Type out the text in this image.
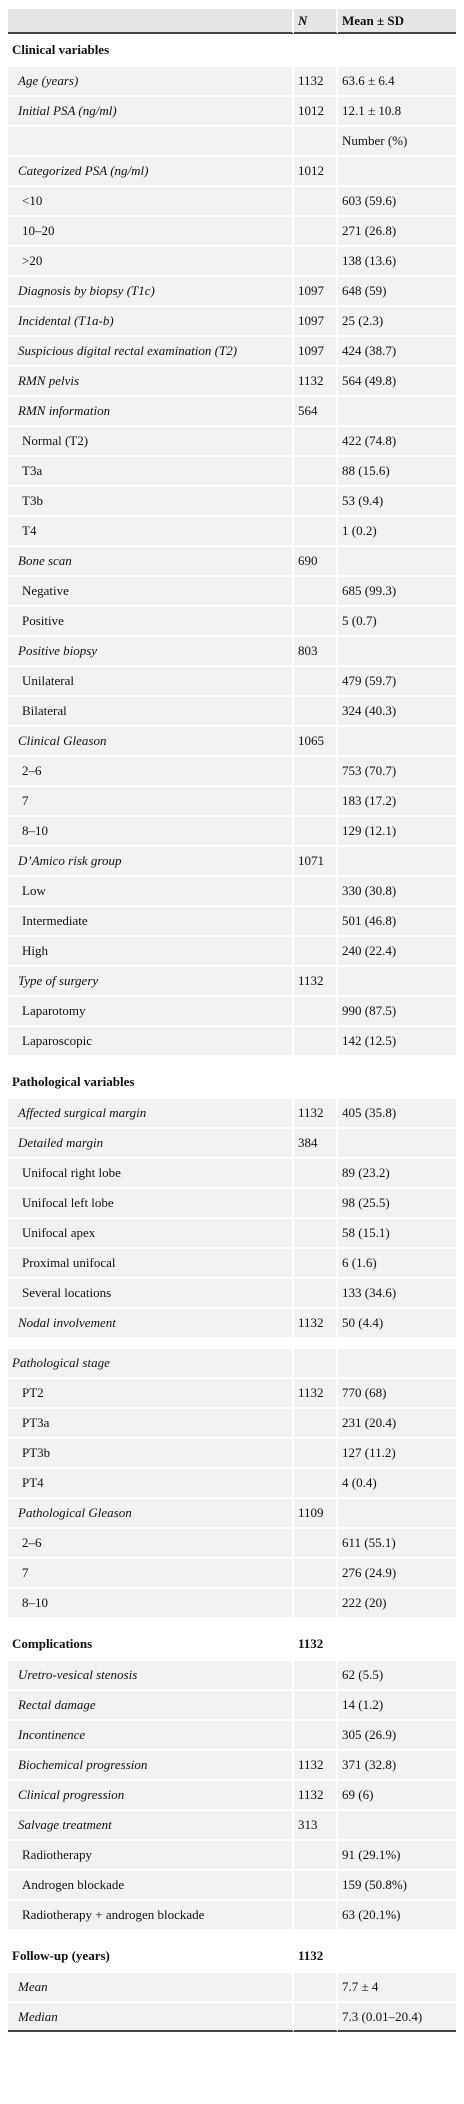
	N	Mean ± SD
Clinical variables		
Age (years)	1132	63.6 ± 6.4
Initial PSA (ng/ml)	1012	12.1 ± 10.8
		Number (%)
Categorized PSA (ng/ml)	1012	
<10		603 (59.6)
10–20		271 (26.8)
>20		138 (13.6)
Diagnosis by biopsy (T1c)	1097	648 (59)
Incidental (T1a-b)	1097	25 (2.3)
Suspicious digital rectal examination (T2)	1097	424 (38.7)
RMN pelvis	1132	564 (49.8)
RMN information	564	
Normal (T2)		422 (74.8)
T3a		88 (15.6)
T3b		53 (9.4)
T4		1 (0.2)
Bone scan	690	
Negative		685 (99.3)
Positive		5 (0.7)
Positive biopsy	803	
Unilateral		479 (59.7)
Bilateral		324 (40.3)
Clinical Gleason	1065	
2–6		753 (70.7)
7		183 (17.2)
8–10		129 (12.1)
D’Amico risk group	1071	
Low		330 (30.8)
Intermediate		501 (46.8)
High		240 (22.4)
Type of surgery	1132	
Laparotomy		990 (87.5)
Laparoscopic		142 (12.5)

Pathological variables		
Affected surgical margin	1132	405 (35.8)
Detailed margin	384	
Unifocal right lobe		89 (23.2)
Unifocal left lobe		98 (25.5)
Unifocal apex		58 (15.1)
Proximal unifocal		6 (1.6)
Several locations		133 (34.6)
Nodal involvement	1132	50 (4.4)

Pathological stage		
PT2	1132	770 (68)
PT3a		231 (20.4)
PT3b		127 (11.2)
PT4		4 (0.4)
Pathological Gleason	1109	
2–6		611 (55.1)
7		276 (24.9)
8–10		222 (20)

Complications	1132	
Uretro-vesical stenosis		62 (5.5)
Rectal damage		14 (1.2)
Incontinence		305 (26.9)
Biochemical progression	1132	371 (32.8)
Clinical progression	1132	69 (6)
Salvage treatment	313	
Radiotherapy		91 (29.1%)
Androgen blockade		159 (50.8%)
Radiotherapy + androgen blockade		63 (20.1%)

Follow-up (years)	1132	
Mean		7.7 ± 4
Median		7.3 (0.01–20.4)
